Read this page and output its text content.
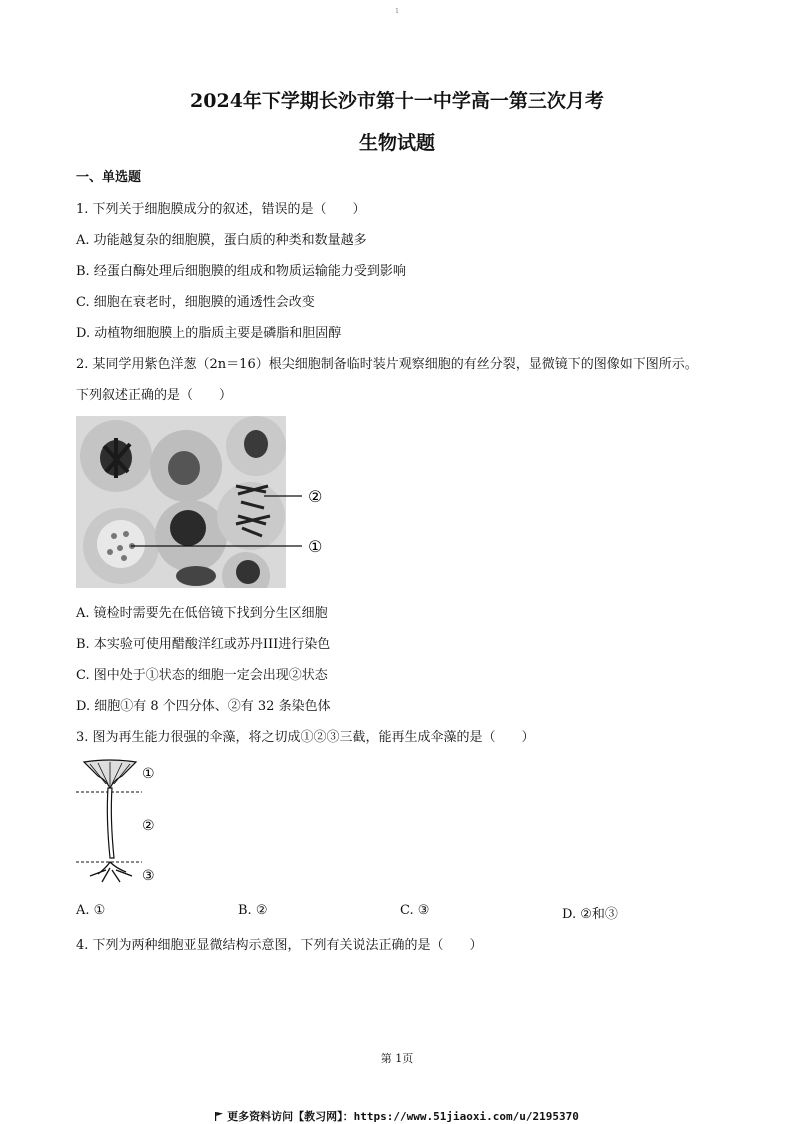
1
2024年下学期长沙市第十一中学高一第三次月考
生物试题
一、单选题
1. 下列关于细胞膜成分的叙述，错误的是（　　）
A. 功能越复杂的细胞膜，蛋白质的种类和数量越多
B. 经蛋白酶处理后细胞膜的组成和物质运输能力受到影响
C. 细胞在衰老时，细胞膜的通透性会改变
D. 动植物细胞膜上的脂质主要是磷脂和胆固醇
2. 某同学用紫色洋葱（2n＝16）根尖细胞制备临时装片观察细胞的有丝分裂，显微镜下的图像如下图所示。
下列叙述正确的是（　　）
②
①
A. 镜检时需要先在低倍镜下找到分生区细胞
B. 本实验可使用醋酸洋红或苏丹III进行染色
C. 图中处于①状态的细胞一定会出现②状态
D. 细胞①有 8 个四分体、②有 32 条染色体
3. 图为再生能力很强的伞藻，将之切成①②③三截，能再生成伞藻的是（　　）
①
②
③
A. ①	B. ②	C. ③	D. ②和③
4. 下列为两种细胞亚显微结构示意图，下列有关说法正确的是（　　）
第 1页
更多资料访问【教习网】：https://www.51jiaoxi.com/u/2195370
